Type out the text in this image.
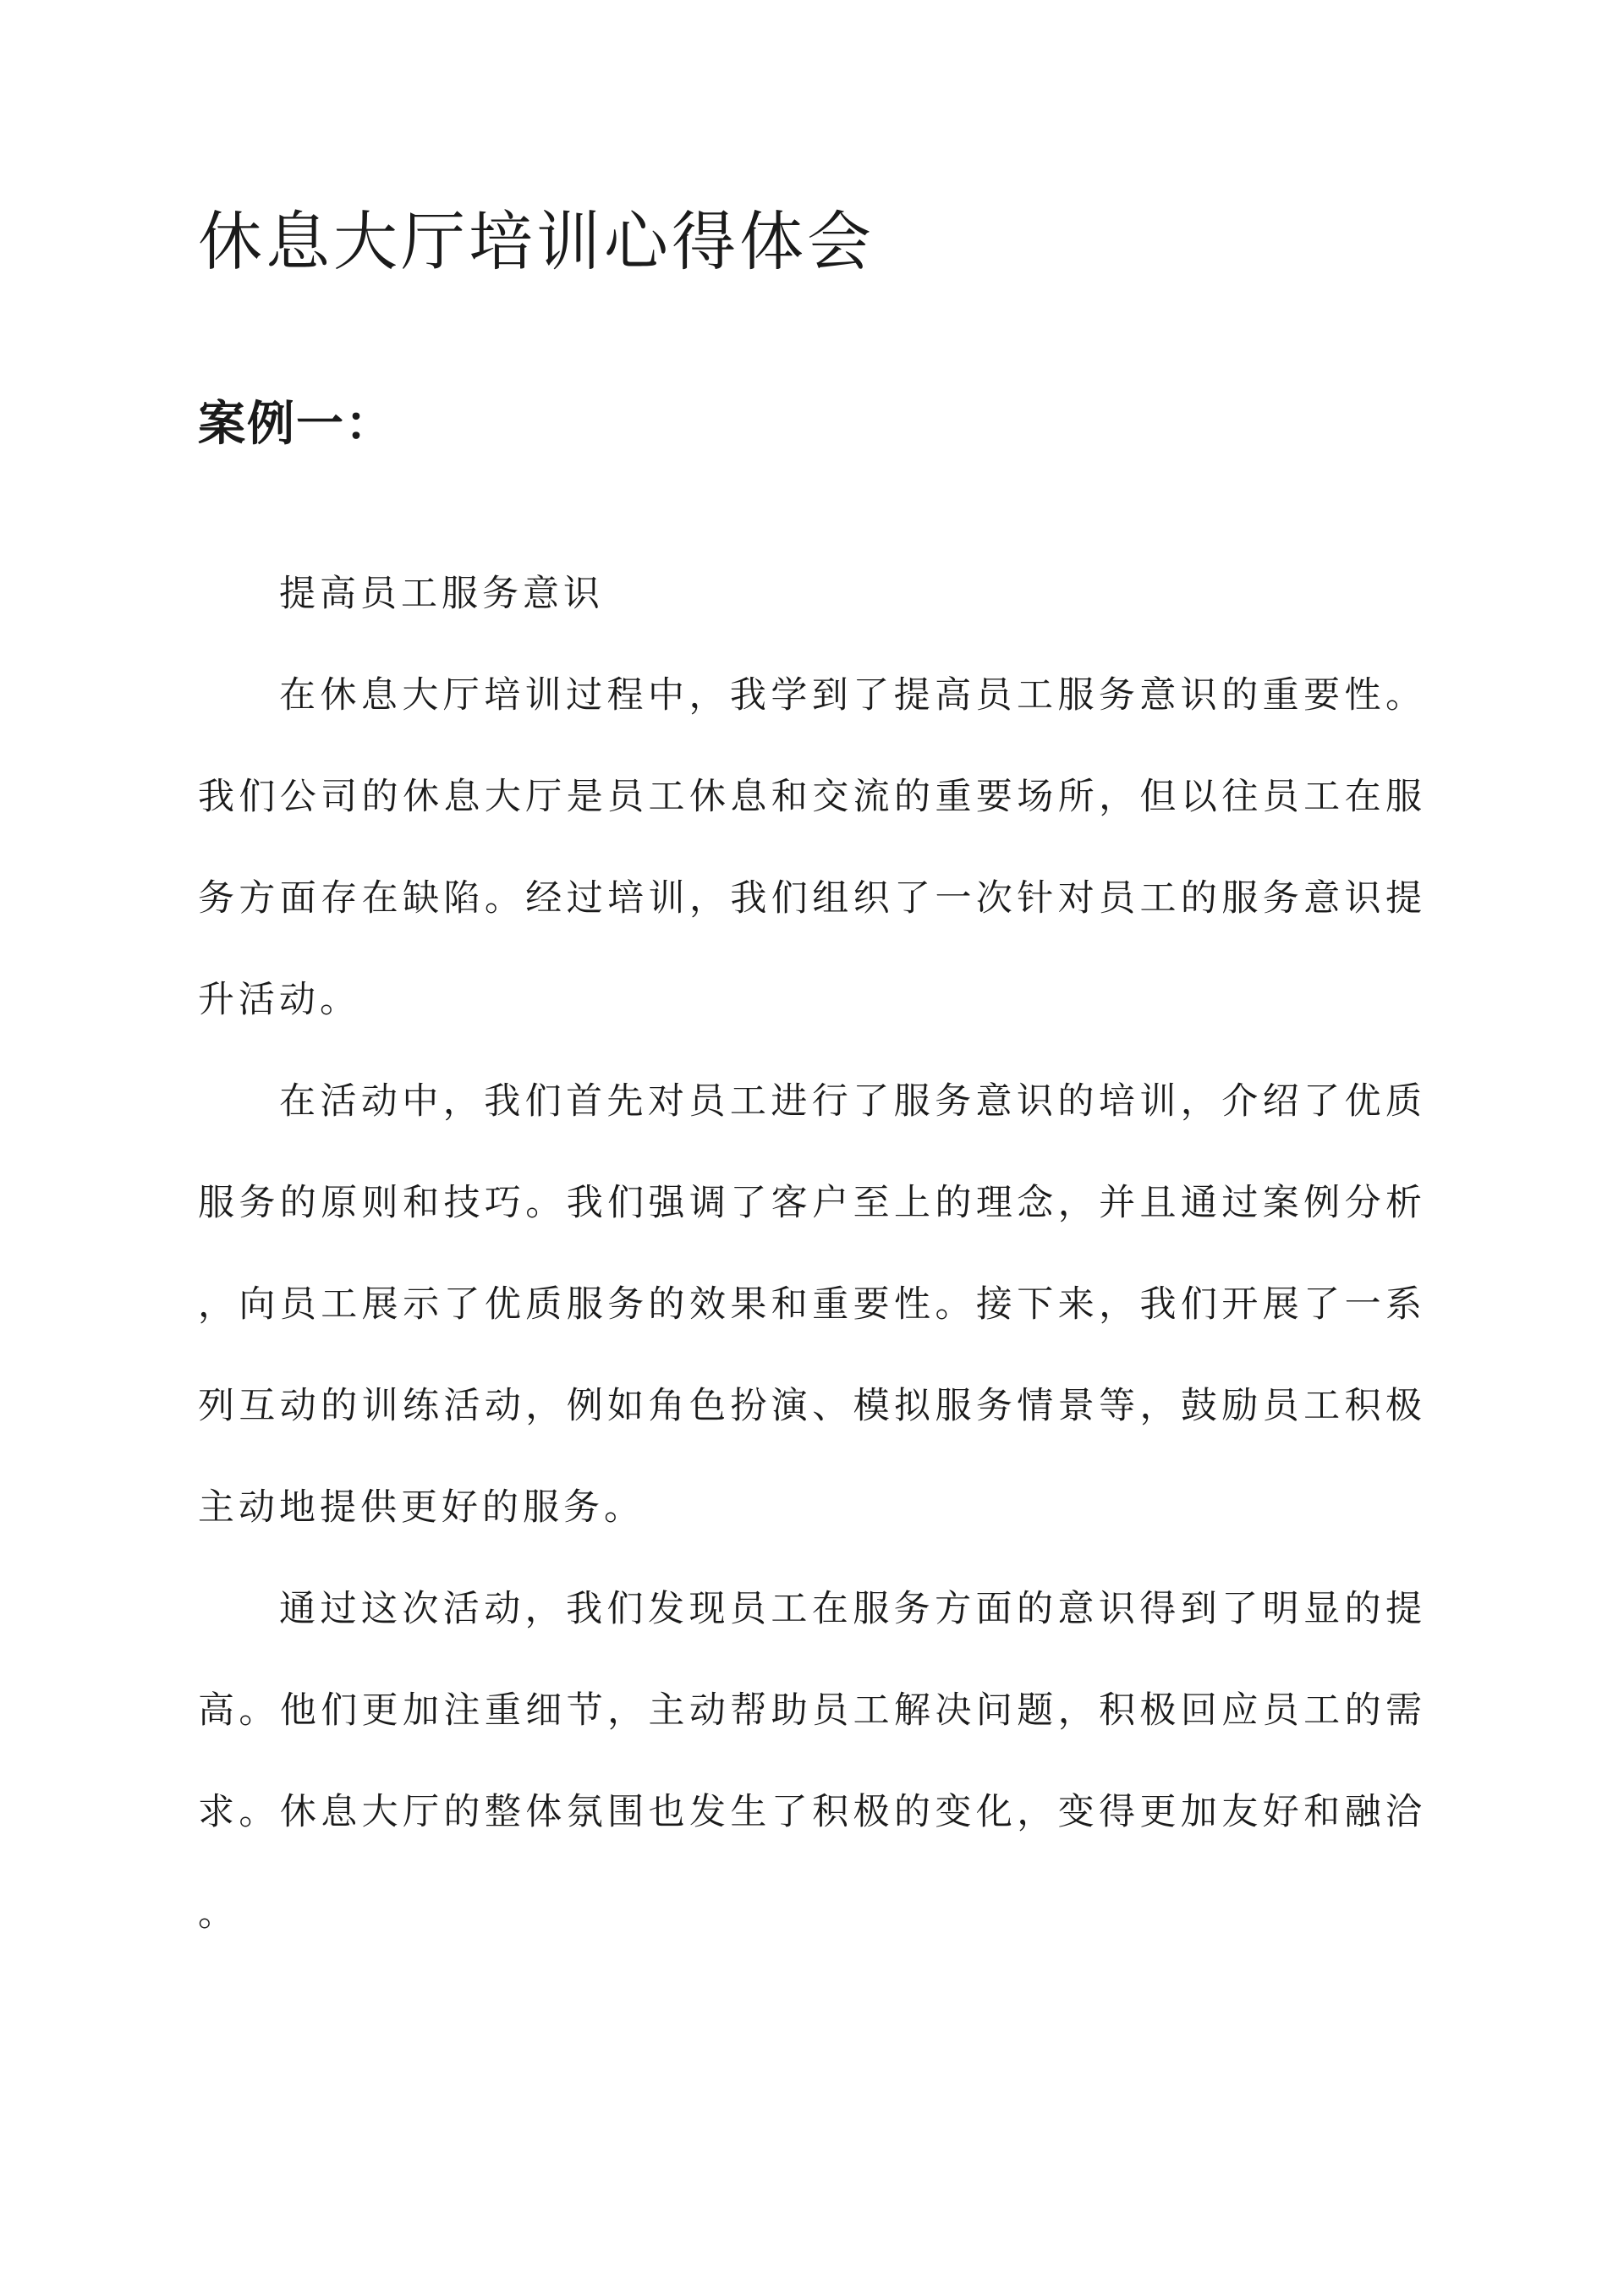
休息大厅培训心得体会
案例一：

提高员工服务意识

在休息大厅培训过程中，我学到了提高员工服务意识的重要性。我们公司的休息大厅是员工休息和交流的重要场所，但以往员工在服务方面存在缺陷。经过培训，我们组织了一次针对员工的服务意识提升活动。

在活动中，我们首先对员工进行了服务意识的培训，介绍了优质服务的原则和技巧。我们强调了客户至上的理念，并且通过案例分析，向员工展示了优质服务的效果和重要性。接下来，我们开展了一系列互动的训练活动，例如角色扮演、模拟服务情景等，鼓励员工积极主动地提供更好的服务。

通过这次活动，我们发现员工在服务方面的意识得到了明显的提高。他们更加注重细节，主动帮助员工解决问题，积极回应员工的需求。休息大厅的整体氛围也发生了积极的变化，变得更加友好和融洽。
